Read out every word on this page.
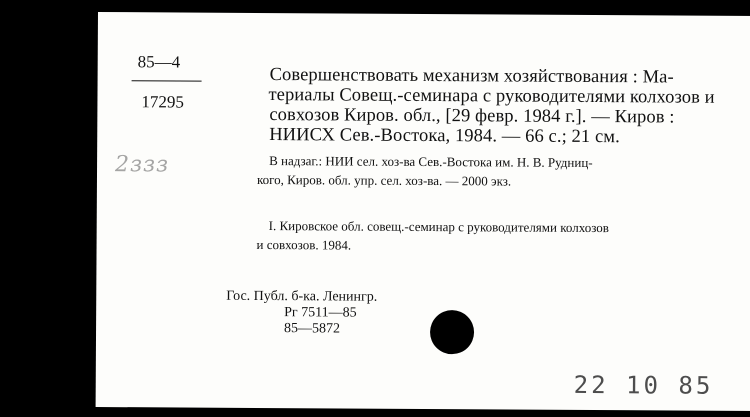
85—4
17295
2ззз
Совершенствовать механизм хозяйствования : Ма-
териалы Совещ.-семинара с руководителями колхозов и
совхозов Киров. обл., [29 февр. 1984 г.]. — Киров :
НИИСХ Сев.-Востока, 1984. — 66 с.; 21 см.
В надзаг.: НИИ сел. хоз-ва Сев.-Востока им. Н. В. Рудниц-
кого, Киров. обл. упр. сел. хоз-ва. — 2000 экз.
I. Кировское обл. совещ.-семинар с руководителями колхозов
и совхозов. 1984.
Гос. Публ. б-ка. Ленингр.
Рг 7511—85
85—5872
22 10 85
